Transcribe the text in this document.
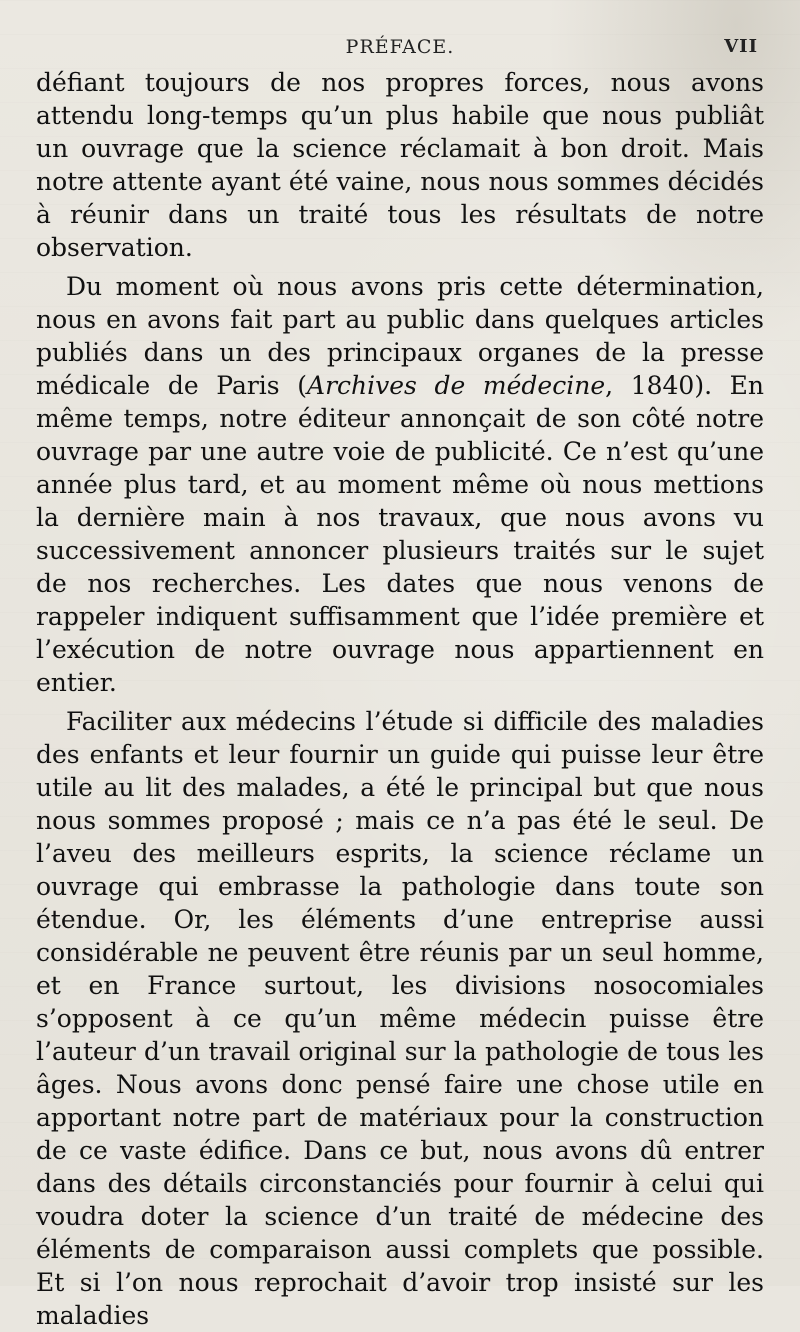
PRÉFACE.	VII

défiant toujours de nos propres forces, nous avons attendu long-temps qu’un plus habile que nous publiât un ouvrage que la science réclamait à bon droit. Mais notre attente ayant été vaine, nous nous sommes décidés à réunir dans un traité tous les résultats de notre observation.

Du moment où nous avons pris cette détermination, nous en avons fait part au public dans quelques articles publiés dans un des principaux organes de la presse médicale de Paris (Archives de médecine, 1840). En même temps, notre éditeur annonçait de son côté notre ouvrage par une autre voie de publicité. Ce n’est qu’une année plus tard, et au moment même où nous mettions la dernière main à nos travaux, que nous avons vu successivement annoncer plusieurs traités sur le sujet de nos recherches. Les dates que nous venons de rappeler indiquent suffisamment que l’idée première et l’exécution de notre ouvrage nous appartiennent en entier.

Faciliter aux médecins l’étude si difficile des maladies des enfants et leur fournir un guide qui puisse leur être utile au lit des malades, a été le principal but que nous nous sommes proposé ; mais ce n’a pas été le seul. De l’aveu des meilleurs esprits, la science réclame un ouvrage qui embrasse la pathologie dans toute son étendue. Or, les éléments d’une entreprise aussi considérable ne peuvent être réunis par un seul homme, et en France surtout, les divisions nosocomiales s’opposent à ce qu’un même médecin puisse être l’auteur d’un travail original sur la pathologie de tous les âges. Nous avons donc pensé faire une chose utile en apportant notre part de matériaux pour la construction de ce vaste édifice. Dans ce but, nous avons dû entrer dans des détails circonstanciés pour fournir à celui qui voudra doter la science d’un traité de médecine des éléments de comparaison aussi complets que possible. Et si l’on nous reprochait d’avoir trop insisté sur les maladies
